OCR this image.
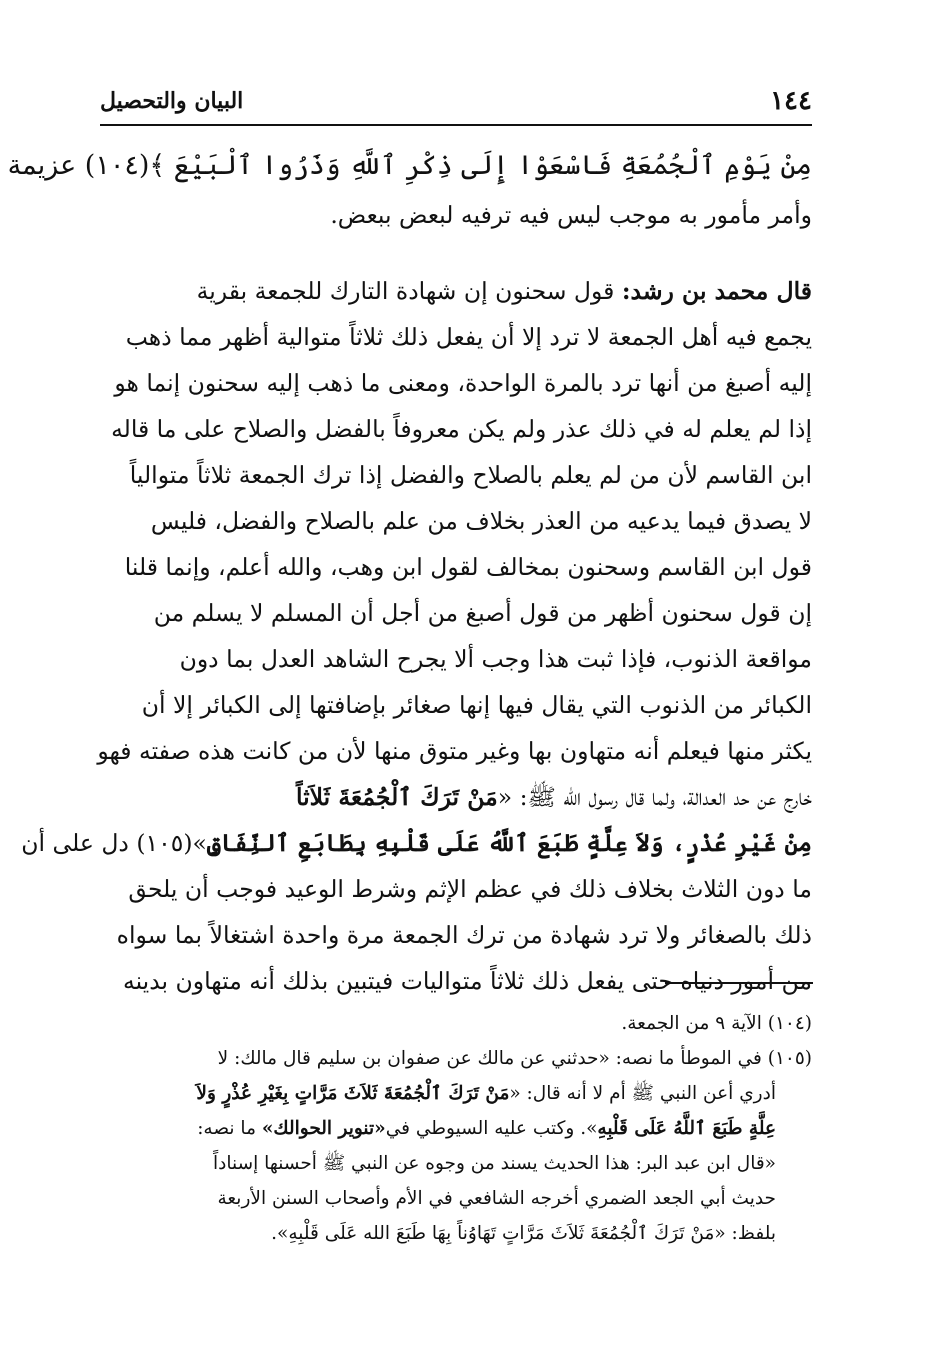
١٤٤
البيان والتحصيل
مِنْ يَوْمِ ٱلْجُمُعَةِ فَاسْعَوْا إِلَى ذِكْرِ ٱللَّهِ وَذَرُوا ٱلْبَيْعَ ﴾(١٠٤) عزيمة
وأمر مأمور به موجب ليس فيه ترفيه لبعض ببعض.
قال محمد بن رشد: قول سحنون إن شهادة التارك للجمعة بقرية
يجمع فيه أهل الجمعة لا ترد إلا أن يفعل ذلك ثلاثاً متوالية أظهر مما ذهب
إليه أصبغ من أنها ترد بالمرة الواحدة، ومعنى ما ذهب إليه سحنون إنما هو
إذا لم يعلم له في ذلك عذر ولم يكن معروفاً بالفضل والصلاح على ما قاله
ابن القاسم لأن من لم يعلم بالصلاح والفضل إذا ترك الجمعة ثلاثاً متوالياً
لا يصدق فيما يدعيه من العذر بخلاف من علم بالصلاح والفضل، فليس
قول ابن القاسم وسحنون بمخالف لقول ابن وهب، والله أعلم، وإنما قلنا
إن قول سحنون أظهر من قول أصبغ من أجل أن المسلم لا يسلم من
مواقعة الذنوب، فإذا ثبت هذا وجب ألا يجرح الشاهد العدل بما دون
الكبائر من الذنوب التي يقال فيها إنها صغائر بإضافتها إلى الكبائر إلا أن
يكثر منها فيعلم أنه متهاون بها وغير متوق منها لأن من كانت هذه صفته فهو
خارج عن حد العدالة، ولما قال رسول الله ﷺ: «مَنْ تَرَكَ ٱلْجُمُعَةَ ثَلاَثاً
مِنْ غَيْرِ عُذْرٍ، وَلاَ عِلَّةٍ طَبَعَ ٱللَّهُ عَلَى قَلْبِهِ بِطَابَعِ ٱلنِّفَاقِ»(١٠٥) دل على أن
ما دون الثلاث بخلاف ذلك في عظم الإثم وشرط الوعيد فوجب أن يلحق
ذلك بالصغائر ولا ترد شهادة من ترك الجمعة مرة واحدة اشتغالاً بما سواه
من أمور دنياه حتى يفعل ذلك ثلاثاً متواليات فيتبين بذلك أنه متهاون بدينه
(١٠٤) الآية ٩ من الجمعة.
(١٠٥) في الموطأ ما نصه: «حدثني عن مالك عن صفوان بن سليم قال مالك: لا
أدري أعن النبي ﷺ أم لا أنه قال: «مَنْ تَرَكَ ٱلْجُمُعَةَ ثَلاَثَ مَرَّاتٍ بِغَيْرِ عُذْرٍ وَلاَ
عِلَّةٍ طَبَعَ ٱللَّهُ عَلَى قَلْبِهِ». وكتب عليه السيوطي في«تنوير الحوالك» ما نصه:
«قال ابن عبد البر: هذا الحديث يسند من وجوه عن النبي ﷺ أحسنها إسناداً
حديث أبي الجعد الضمري أخرجه الشافعي في الأم وأصحاب السنن الأربعة
بلفظ: «مَنْ تَرَكَ ٱلْجُمُعَةَ ثَلاَثَ مَرَّاتٍ تَهَاوُناً بِهَا طَبَعَ الله عَلَى قَلْبِهِ».
